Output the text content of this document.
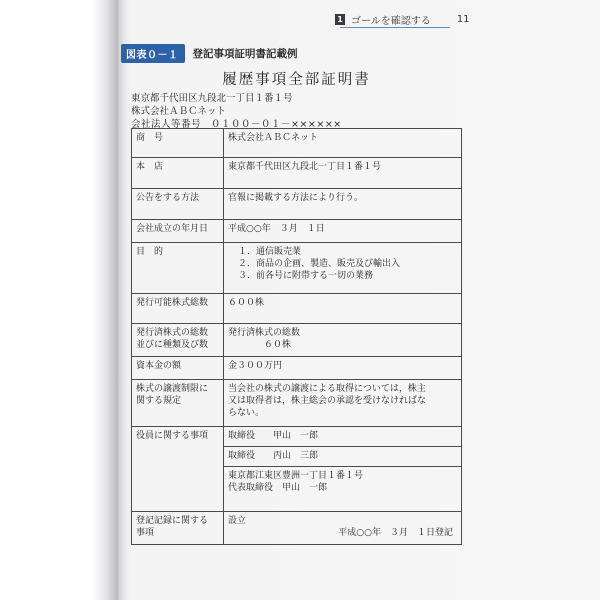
1 ゴールを確認する	11
図表０－１	登記事項証明書記載例
履歴事項全部証明書
東京都千代田区九段北一丁目１番１号
株式会社ＡＢＣネット
会社法人等番号　０１００－０１－××××××
商　号	株式会社ＡＢＣネット
本　店	東京都千代田区九段北一丁目１番１号
公告をする方法	官報に掲載する方法により行う。
会社成立の年月日	平成○○年　３月　１日
目　的	１．通信販売業
２．商品の企画、製造、販売及び輸出入
３．前各号に附帯する一切の業務

発行可能株式総数	６００株

発行済株式の総数
並びに種類及び数	発行済株式の総数
６０株

資本金の額	金３００万円

株式の譲渡制限に
関する規定	当会社の株式の譲渡による取得については，株主
又は取得者は，株主総会の承認を受けなければな
らない。

役員に関する事項	取締役　　 甲山　一郎
取締役　　 丙山　三郎
東京都江東区豊洲一丁目１番１号
代表取締役　甲山　一郎

登記記録に関する
事項	設立
平成○○年　３月　１日登記
